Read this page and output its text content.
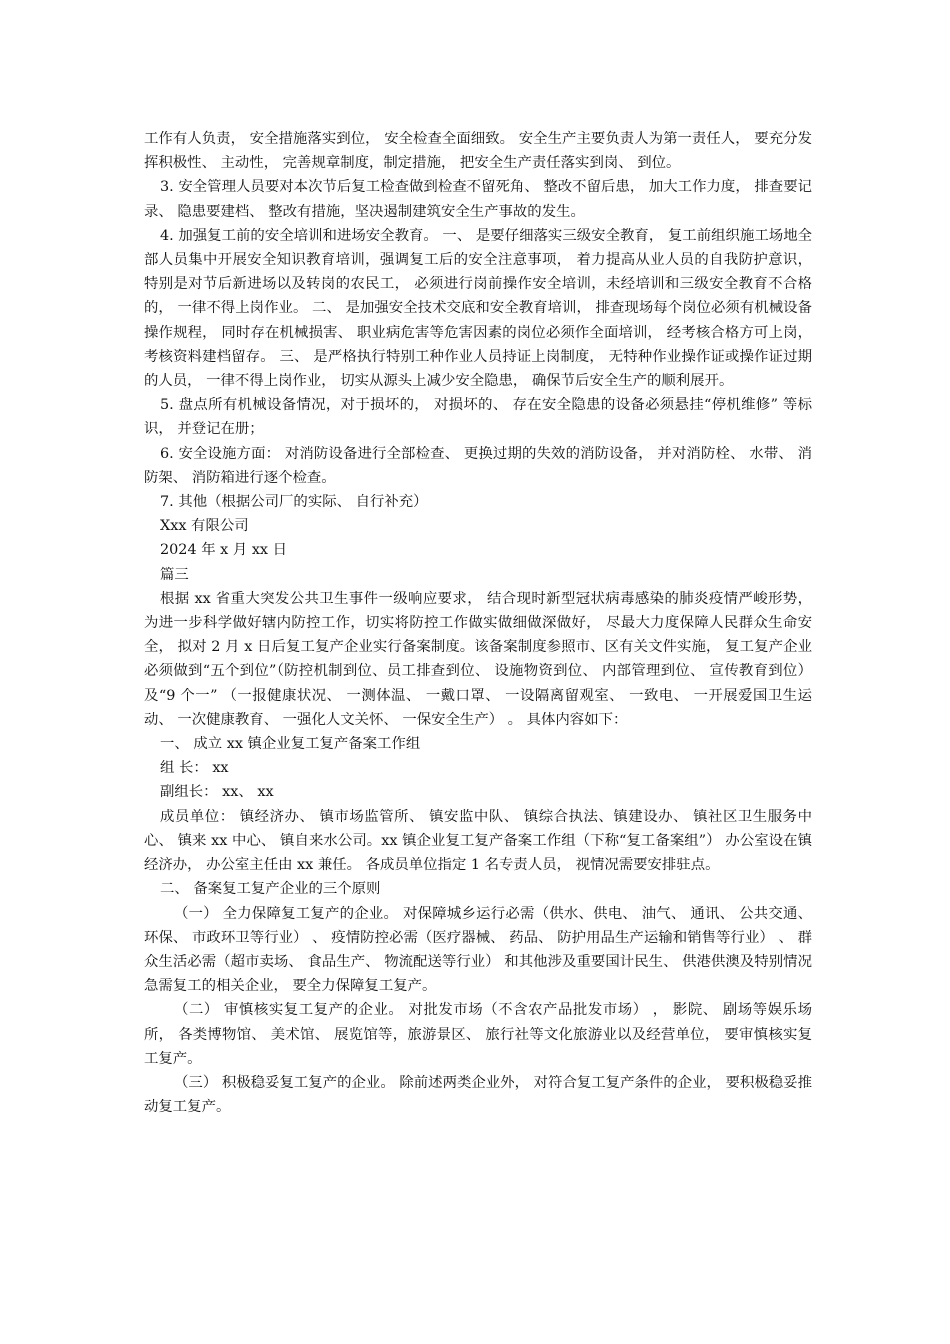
工作有人负责， 安全措施落实到位， 安全检查全面细致。 安全生产主要负责人为第一责任人， 要充分发挥积极性、 主动性， 完善规章制度，制定措施， 把安全生产责任落实到岗、 到位。

3. 安全管理人员要对本次节后复工检查做到检查不留死角、 整改不留后患， 加大工作力度， 排查要记录、 隐患要建档、 整改有措施，坚决遏制建筑安全生产事故的发生。

4. 加强复工前的安全培训和进场安全教育。 一、 是要仔细落实三级安全教育， 复工前组织施工场地全部人员集中开展安全知识教育培训，强调复工后的安全注意事项， 着力提高从业人员的自我防护意识， 特别是对节后新进场以及转岗的农民工， 必须进行岗前操作安全培训，未经培训和三级安全教育不合格的， 一律不得上岗作业。 二、 是加强安全技术交底和安全教育培训， 排查现场每个岗位必须有机械设备操作规程， 同时存在机械损害、 职业病危害等危害因素的岗位必须作全面培训， 经考核合格方可上岗， 考核资料建档留存。 三、 是严格执行特别工种作业人员持证上岗制度， 无特种作业操作证或操作证过期的人员， 一律不得上岗作业， 切实从源头上减少安全隐患， 确保节后安全生产的顺利展开。

5. 盘点所有机械设备情况，对于损坏的， 对损坏的、 存在安全隐患的设备必须悬挂“停机维修” 等标识， 并登记在册；

6. 安全设施方面： 对消防设备进行全部检查、 更换过期的失效的消防设备， 并对消防栓、 水带、 消防架、 消防箱进行逐个检查。

7. 其他（根据公司厂的实际、 自行补充）

Xxx 有限公司

2024 年 x 月 xx 日

篇三

根据 xx 省重大突发公共卫生事件一级响应要求， 结合现时新型冠状病毒感染的肺炎疫情严峻形势， 为进一步科学做好辖内防控工作，切实将防控工作做实做细做深做好， 尽最大力度保障人民群众生命安全， 拟对 2 月 x 日后复工复产企业实行备案制度。该备案制度参照市、区有关文件实施， 复工复产企业必须做到“五个到位”（防控机制到位、员工排查到位、 设施物资到位、 内部管理到位、 宣传教育到位） 及“9 个一” （一报健康状况、 一测体温、 一戴口罩、 一设隔离留观室、 一致电、 一开展爱国卫生运动、 一次健康教育、 一强化人文关怀、 一保安全生产） 。 具体内容如下：

一、 成立 xx 镇企业复工复产备案工作组

组 长： xx

副组长： xx、 xx

成员单位： 镇经济办、 镇市场监管所、 镇安监中队、 镇综合执法、镇建设办、 镇社区卫生服务中心、 镇来 xx 中心、 镇自来水公司。xx 镇企业复工复产备案工作组（下称“复工备案组”） 办公室设在镇经济办， 办公室主任由 xx 兼任。 各成员单位指定 1 名专责人员， 视情况需要安排驻点。

二、 备案复工复产企业的三个原则

（一） 全力保障复工复产的企业。 对保障城乡运行必需（供水、供电、 油气、 通讯、 公共交通、 环保、 市政环卫等行业） 、 疫情防控必需（医疗器械、 药品、 防护用品生产运输和销售等行业） 、 群众生活必需（超市卖场、 食品生产、 物流配送等行业） 和其他涉及重要国计民生、 供港供澳及特别情况急需复工的相关企业， 要全力保障复工复产。

（二） 审慎核实复工复产的企业。 对批发市场（不含农产品批发市场） ， 影院、 剧场等娱乐场所， 各类博物馆、 美术馆、 展览馆等，旅游景区、 旅行社等文化旅游业以及经营单位， 要审慎核实复工复产。

（三） 积极稳妥复工复产的企业。 除前述两类企业外， 对符合复工复产条件的企业， 要积极稳妥推动复工复产。
